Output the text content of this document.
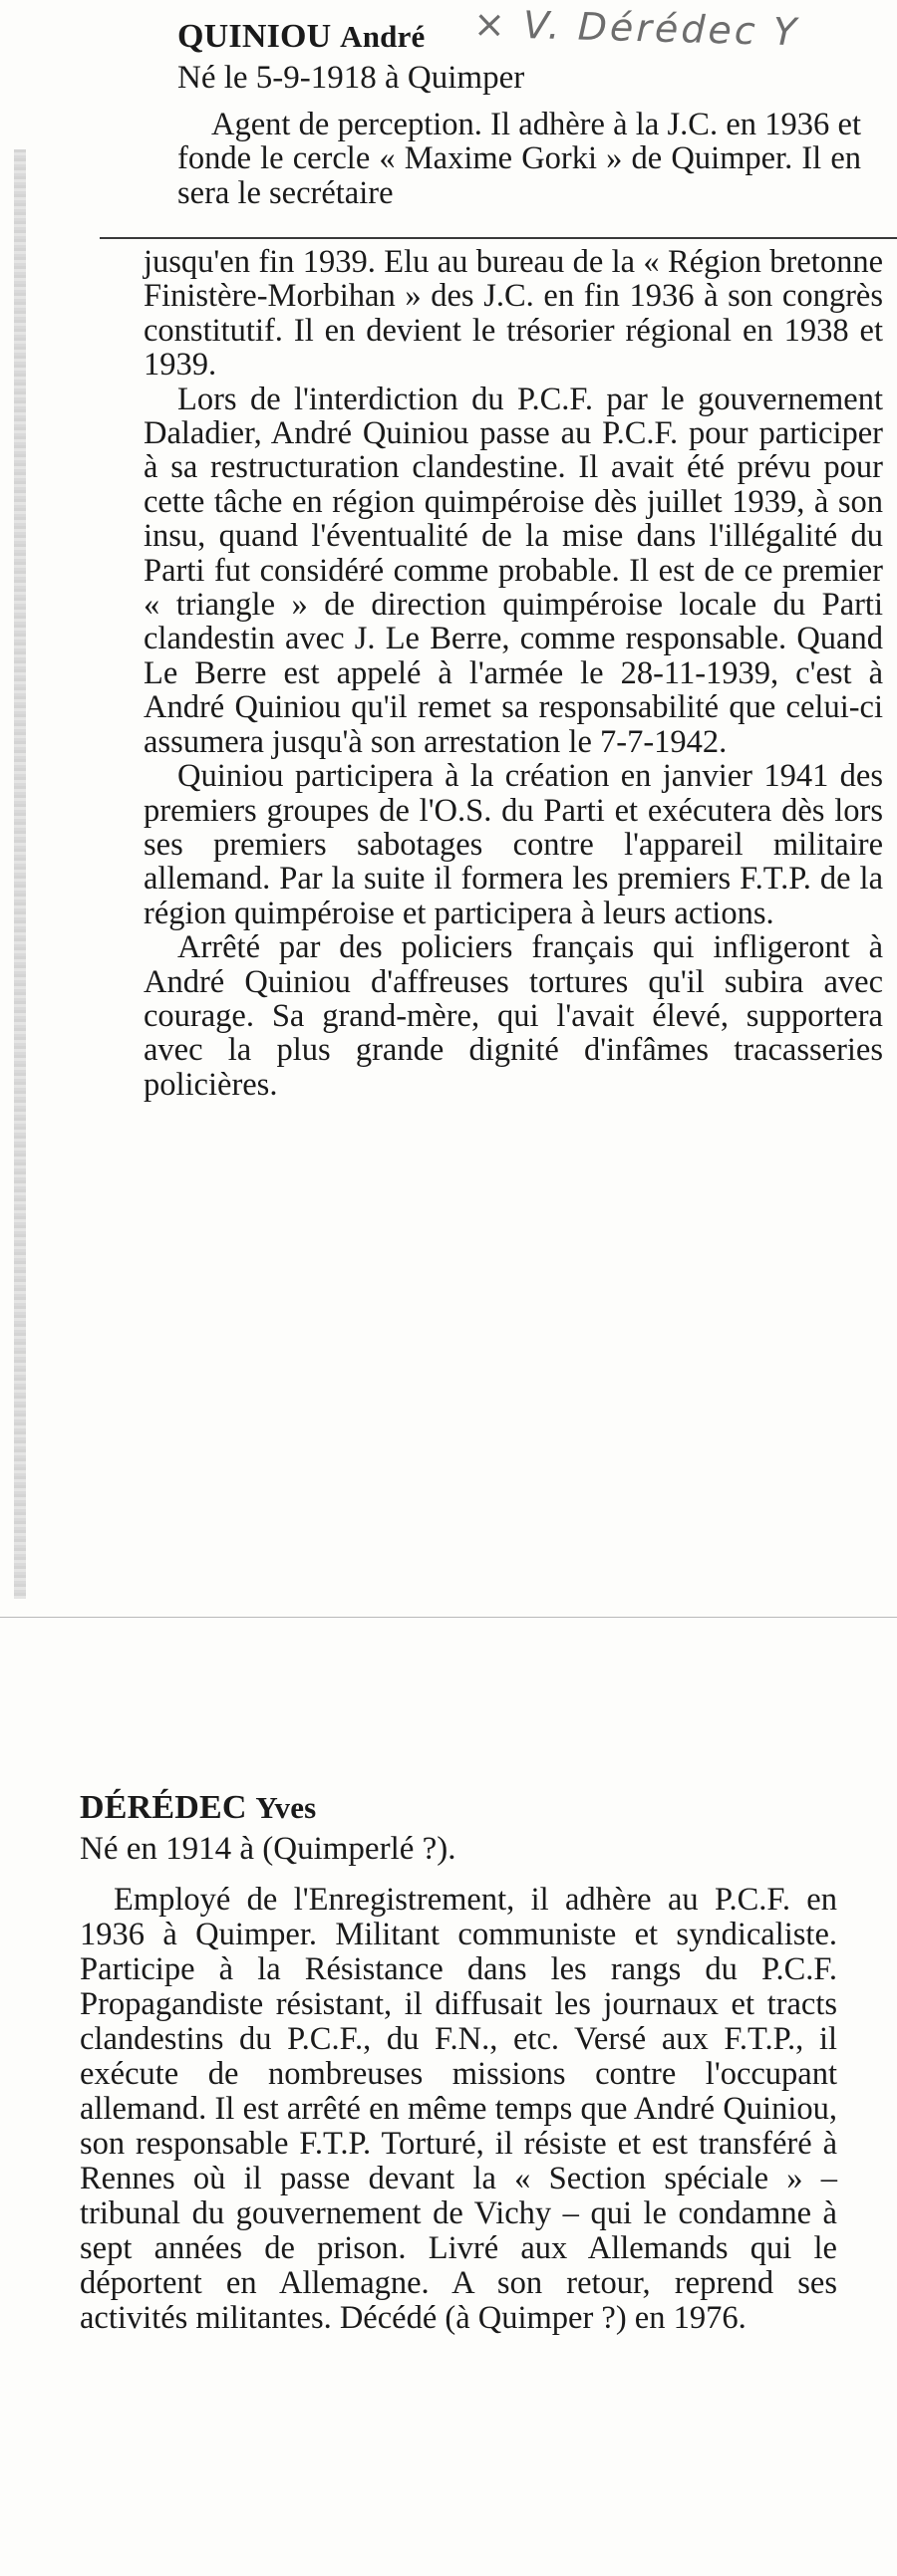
QUINIOU André × V. Dérédec Y
Né le 5-9-1918 à Quimper

Agent de perception. Il adhère à la J.C. en 1936 et fonde le cercle « Maxime Gorki » de Quimper. Il en sera le secrétaire

jusqu'en fin 1939. Elu au bureau de la « Région bretonne Finistère-Morbihan » des J.C. en fin 1936 à son congrès constitutif. Il en devient le trésorier régional en 1938 et 1939.

Lors de l'interdiction du P.C.F. par le gouvernement Daladier, André Quiniou passe au P.C.F. pour participer à sa restructuration clandestine. Il avait été prévu pour cette tâche en région quimpéroise dès juillet 1939, à son insu, quand l'éventualité de la mise dans l'illégalité du Parti fut considéré comme probable. Il est de ce premier « triangle » de direction quimpéroise locale du Parti clandestin avec J. Le Berre, comme responsable. Quand Le Berre est appelé à l'armée le 28-11-1939, c'est à André Quiniou qu'il remet sa responsabilité que celui-ci assumera jusqu'à son arrestation le 7-7-1942.

Quiniou participera à la création en janvier 1941 des premiers groupes de l'O.S. du Parti et exécutera dès lors ses premiers sabotages contre l'appareil militaire allemand. Par la suite il formera les premiers F.T.P. de la région quimpéroise et participera à leurs actions.

Arrêté par des policiers français qui infligeront à André Quiniou d'affreuses tortures qu'il subira avec courage. Sa grand-mère, qui l'avait élevé, supportera avec la plus grande dignité d'infâmes tracasseries policières.

DÉRÉDEC Yves
Né en 1914 à (Quimperlé ?).

Employé de l'Enregistrement, il adhère au P.C.F. en 1936 à Quimper. Militant communiste et syndicaliste. Participe à la Résistance dans les rangs du P.C.F. Propagandiste résistant, il diffusait les journaux et tracts clandestins du P.C.F., du F.N., etc. Versé aux F.T.P., il exécute de nombreuses missions contre l'occupant allemand. Il est arrêté en même temps que André Quiniou, son responsable F.T.P. Torturé, il résiste et est transféré à Rennes où il passe devant la « Section spéciale » – tribunal du gouvernement de Vichy – qui le condamne à sept années de prison. Livré aux Allemands qui le déportent en Allemagne. A son retour, reprend ses activités militantes. Décédé (à Quimper ?) en 1976.
